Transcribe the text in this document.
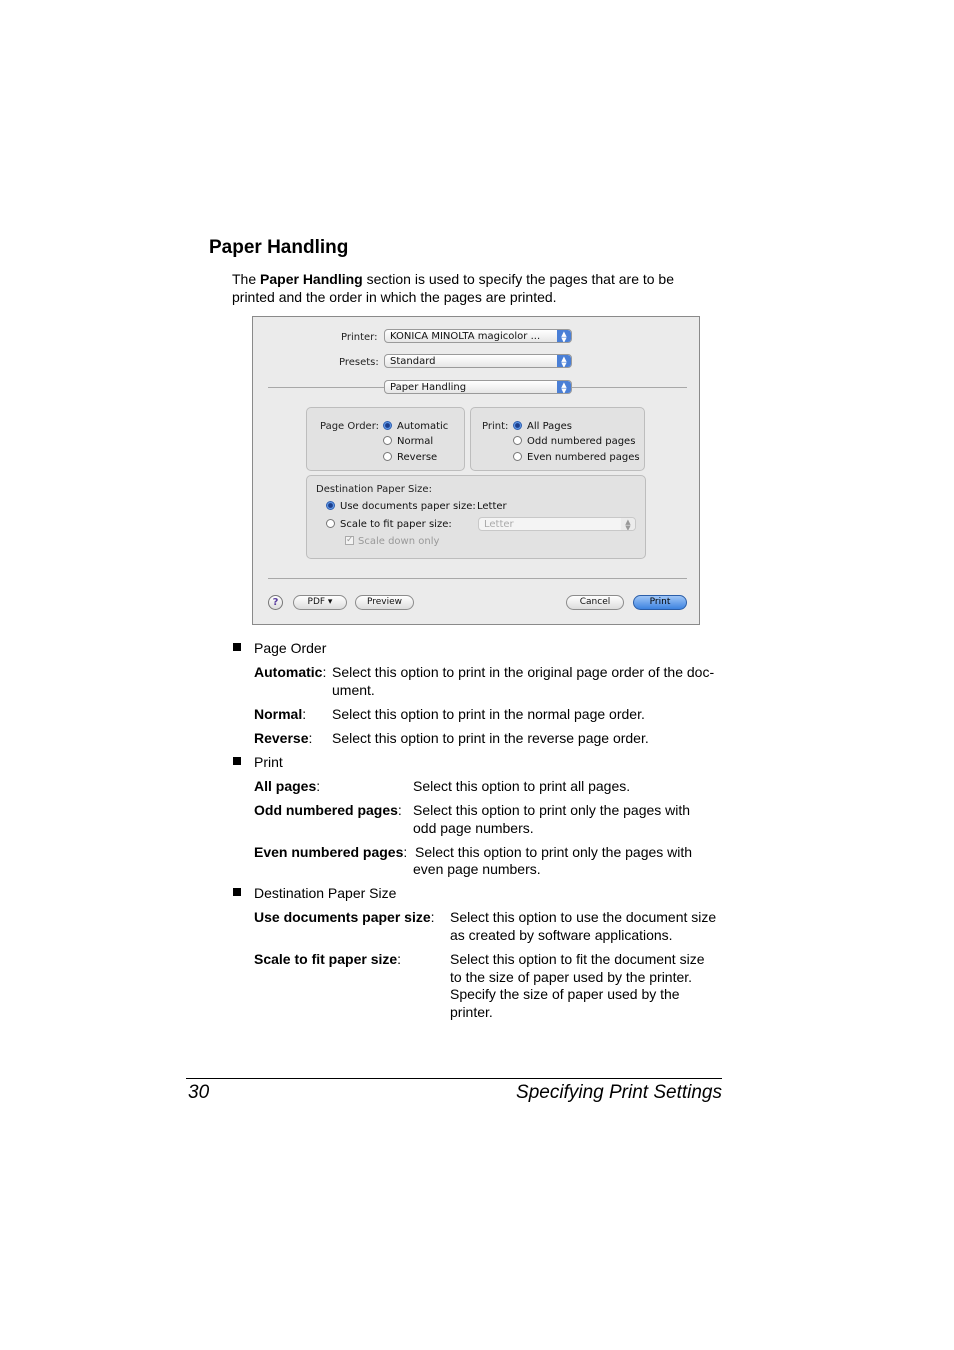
Paper Handling
The Paper Handling section is used to specify the pages that are to be printed and the order in which the pages are printed.
Printer:	KONICA MINOLTA magicolor ...	▲
▼
Presets:	Standard	▲
▼
Paper Handling	▲
▼
Page Order: Automatic
Normal
Reverse
Print: All Pages
Odd numbered pages
Even numbered pages
Destination Paper Size:
Use documents paper size: Letter
Scale to fit paper size:	Letter	▲
▼
✓ Scale down only
?	PDF ▾	Preview	Cancel	Print
Page Order
Automatic: Select this option to print in the original page order of the doc-
ument.
Normal: Select this option to print in the normal page order.
Reverse: Select this option to print in the reverse page order.
Print
All pages:	Select this option to print all pages.
Odd numbered pages: Select this option to print only the pages with
odd page numbers.
Even numbered pages: Select this option to print only the pages with
even page numbers.
Destination Paper Size
Use documents paper size: Select this option to use the document size
as created by software applications.
Scale to fit paper size:	Select this option to fit the document size
to the size of paper used by the printer.
Specify the size of paper used by the
printer.
30	Specifying Print Settings
